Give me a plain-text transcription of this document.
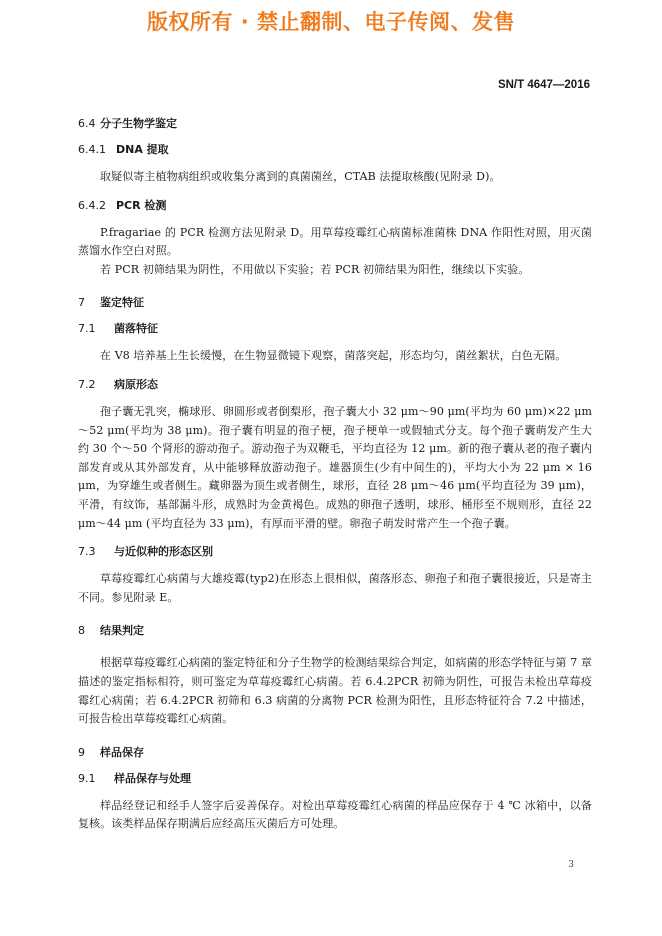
版权所有 · 禁止翻制、电子传阅、发售
SN/T 4647—2016
6.4 分子生物学鉴定
6.4.1 DNA 提取

取疑似寄主植物病组织或收集分离到的真菌菌丝，CTAB 法提取核酸(见附录 D)。

6.4.2 PCR 检测

P.fragariae 的 PCR 检测方法见附录 D。用草莓疫霉红心病菌标准菌株 DNA 作阳性对照，用灭菌蒸馏水作空白对照。

若 PCR 初筛结果为阴性，不用做以下实验；若 PCR 初筛结果为阳性，继续以下实验。

7	鉴定特征
7.1	菌落特征

在 V8 培养基上生长缓慢，在生物显微镜下观察，菌落突起，形态均匀，菌丝絮状，白色无隔。

7.2	病原形态

孢子囊无乳突，椭球形、卵圆形或者倒梨形，孢子囊大小 32 μm～90 μm(平均为 60 μm)×22 μm～52 μm(平均为 38 μm)。孢子囊有明显的孢子梗，孢子梗单一或假轴式分支。每个孢子囊萌发产生大约 30 个～50 个肾形的游动孢子。游动孢子为双鞭毛，平均直径为 12 μm。新的孢子囊从老的孢子囊内部发育或从其外部发育，从中能够释放游动孢子。雄器顶生(少有中间生的)，平均大小为 22 μm × 16 μm，为穿雄生或者侧生。藏卵器为顶生或者侧生，球形，直径 28 μm～46 μm(平均直径为 39 μm)，平滑，有纹饰，基部漏斗形，成熟时为金黄褐色。成熟的卵孢子透明，球形、桶形至不规则形，直径 22 μm～44 μm (平均直径为 33 μm)，有厚而平滑的壁。卵孢子萌发时常产生一个孢子囊。

7.3	与近似种的形态区别

草莓疫霉红心病菌与大雄疫霉(typ2)在形态上很相似，菌落形态、卵孢子和孢子囊很接近，只是寄主不同。参见附录 E。

8	结果判定

根据草莓疫霉红心病菌的鉴定特征和分子生物学的检测结果综合判定，如病菌的形态学特征与第 7 章描述的鉴定指标相符，则可鉴定为草莓疫霉红心病菌。若 6.4.2PCR 初筛为阴性，可报告未检出草莓疫霉红心病菌；若 6.4.2PCR 初筛和 6.3 病菌的分离物 PCR 检测为阳性，且形态特征符合 7.2 中描述，可报告检出草莓疫霉红心病菌。

9	样品保存
9.1	样品保存与处理

样品经登记和经手人签字后妥善保存。对检出草莓疫霉红心病菌的样品应保存于 4 ℃ 冰箱中，以备复核。该类样品保存期满后应经高压灭菌后方可处理。

3
